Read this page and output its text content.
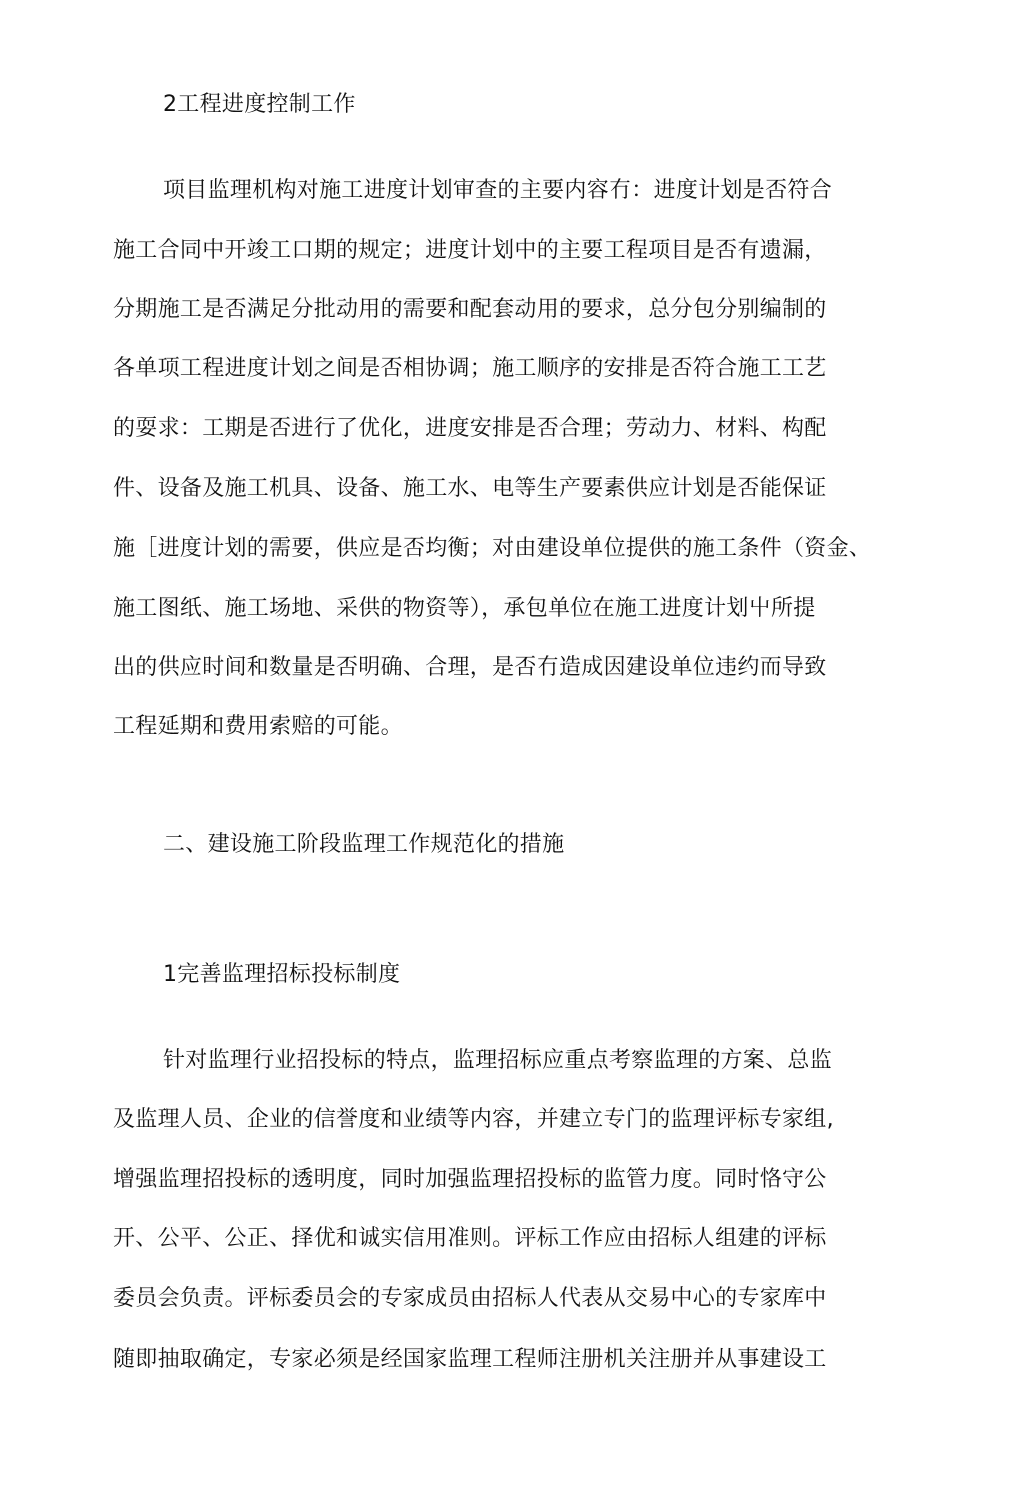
2工程进度控制工作
项目监理机构对施工进度计划审查的主要内容冇：进度计划是否符合
施工合同中开竣工口期的规定；进度计划中的主要工程项目是否有遗漏，
分期施工是否满足分批动用的需要和配套动用的要求，总分包分别编制的
各单项工程进度计划之间是否相协调；施工顺序的安排是否符合施工工艺
的耍求：工期是否进行了优化，进度安排是否合理；劳动力、材料、构配
件、设备及施工机具、设备、施工水、电等生产要素供应计划是否能保证
施［进度计划的需要，供应是否均衡；对由建设单位提供的施工条件（资金、
施工图纸、施工场地、采供的物资等），承包单位在施工进度计划屮所提
出的供应时间和数量是否明确、合理，是否冇造成因建设单位违约而导致
工程延期和费用索赔的可能。
二、建设施工阶段监理工作规范化的措施
1完善监理招标投标制度
针对监理行业招投标的特点，监理招标应重点考察监理的方案、总监
及监理人员、企业的信誉度和业绩等内容，并建立专门的监理评标专家组,
增强监理招投标的透明度，同时加强监理招投标的监管力度。同时恪守公
开、公平、公正、择优和诚实信用准则。评标工作应由招标人组建的评标
委员会负责。评标委员会的专家成员由招标人代表从交易中心的专家库中
随即抽取确定，专家必须是经国家监理工程师注册机关注册并从事建设工
